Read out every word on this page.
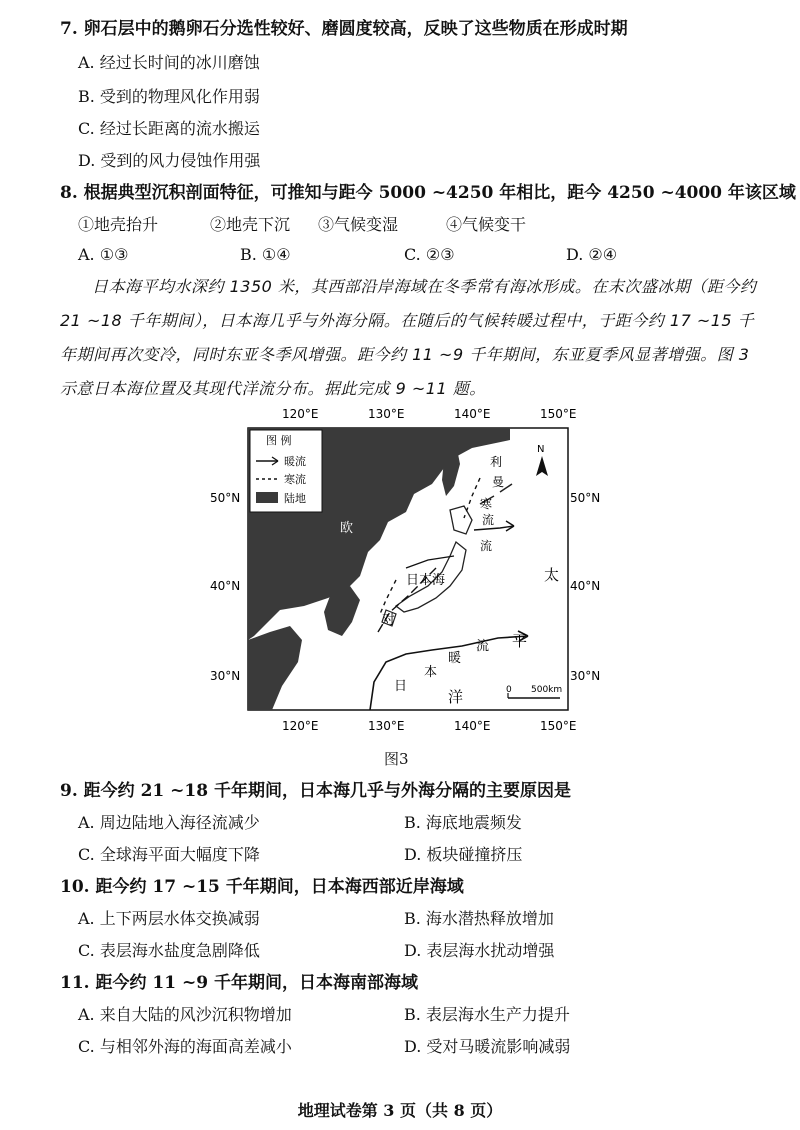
7. 卵石层中的鹅卵石分选性较好、磨圆度较高，反映了这些物质在形成时期
A. 经过长时间的冰川磨蚀
B. 受到的物理风化作用弱
C. 经过长距离的流水搬运
D. 受到的风力侵蚀作用强
8. 根据典型沉积剖面特征，可推知与距今 5000 ~4250 年相比，距今 4250 ~4000 年该区域
①地壳抬升	②地壳下沉 ③气候变湿	④气候变干
A. ①③	B. ①④	C. ②③	D. ②④
日本海平均水深约 1350 米，其西部沿岸海域在冬季常有海冰形成。在末次盛冰期（距今约 21 ~18 千年期间），日本海几乎与外海分隔。在随后的气候转暖过程中，于距今约 17 ~15 千年期间再次变冷，同时东亚冬季风增强。距今约 11 ~9 千年期间，东亚夏季风显著增强。图 3 示意日本海位置及其现代洋流分布。据此完成 9 ~11 题。
N
0 500km
图 例
暖流
寒流
陆地
120°E	130°E	140°E	150°E
120°E	130°E	140°E	150°E
50°N
40°N
30°N
50°N
40°N
30°N
日本海
对
日
本
暖
流 平
洋
太
利
曼
寒
流
流
欧
图3
9. 距今约 21 ~18 千年期间，日本海几乎与外海分隔的主要原因是
A. 周边陆地入海径流减少	B. 海底地震频发
C. 全球海平面大幅度下降	D. 板块碰撞挤压
10. 距今约 17 ~15 千年期间，日本海西部近岸海域
A. 上下两层水体交换减弱	B. 海水潜热释放增加
C. 表层海水盐度急剧降低	D. 表层海水扰动增强
11. 距今约 11 ~9 千年期间，日本海南部海域
A. 来自大陆的风沙沉积物增加	B. 表层海水生产力提升
C. 与相邻外海的海面高差减小	D. 受对马暖流影响减弱
地理试卷第 3 页（共 8 页）
